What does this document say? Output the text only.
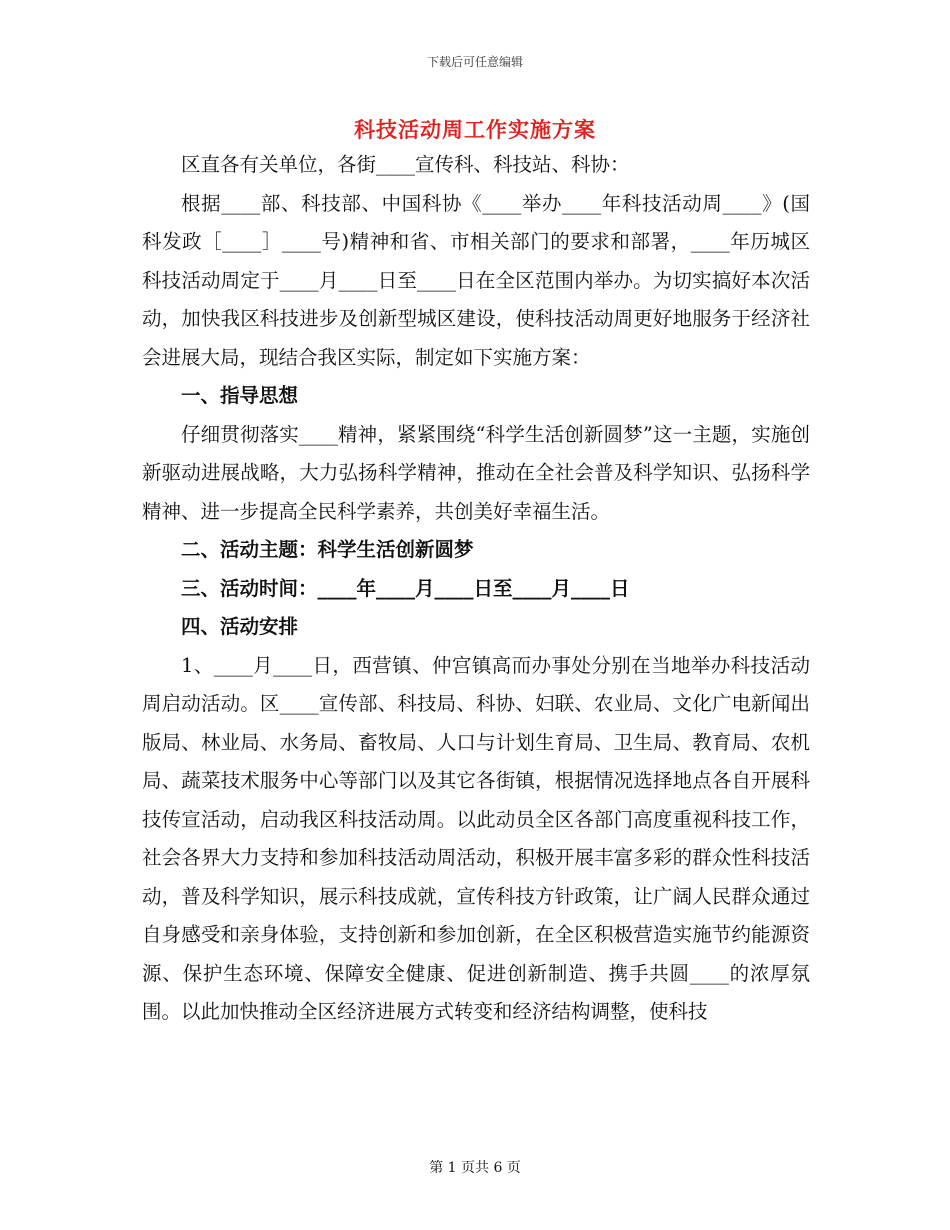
下载后可任意编辑
科技活动周工作实施方案

区直各有关单位，各街____宣传科、科技站、科协：

根据____部、科技部、中国科协《____举办____年科技活动周____》(国科发政［____］____号)精神和省、市相关部门的要求和部署，____年历城区科技活动周定于____月____日至____日在全区范围内举办。为切实搞好本次活动，加快我区科技进步及创新型城区建设，使科技活动周更好地服务于经济社会进展大局，现结合我区实际，制定如下实施方案：

一、指导思想

仔细贯彻落实____精神，紧紧围绕“科学生活创新圆梦”这一主题，实施创新驱动进展战略，大力弘扬科学精神，推动在全社会普及科学知识、弘扬科学精神、进一步提高全民科学素养，共创美好幸福生活。

二、活动主题：科学生活创新圆梦

三、活动时间：____年____月____日至____月____日

四、活动安排

1、____月____日，西营镇、仲宫镇高而办事处分别在当地举办科技活动周启动活动。区____宣传部、科技局、科协、妇联、农业局、文化广电新闻出版局、林业局、水务局、畜牧局、人口与计划生育局、卫生局、教育局、农机局、蔬菜技术服务中心等部门以及其它各街镇，根据情况选择地点各自开展科技传宣活动，启动我区科技活动周。以此动员全区各部门高度重视科技工作，社会各界大力支持和参加科技活动周活动，积极开展丰富多彩的群众性科技活动，普及科学知识，展示科技成就，宣传科技方针政策，让广阔人民群众通过自身感受和亲身体验，支持创新和参加创新，在全区积极营造实施节约能源资源、保护生态环境、保障安全健康、促进创新制造、携手共圆____的浓厚氛围。以此加快推动全区经济进展方式转变和经济结构调整，使科技

第 1 页共 6 页
